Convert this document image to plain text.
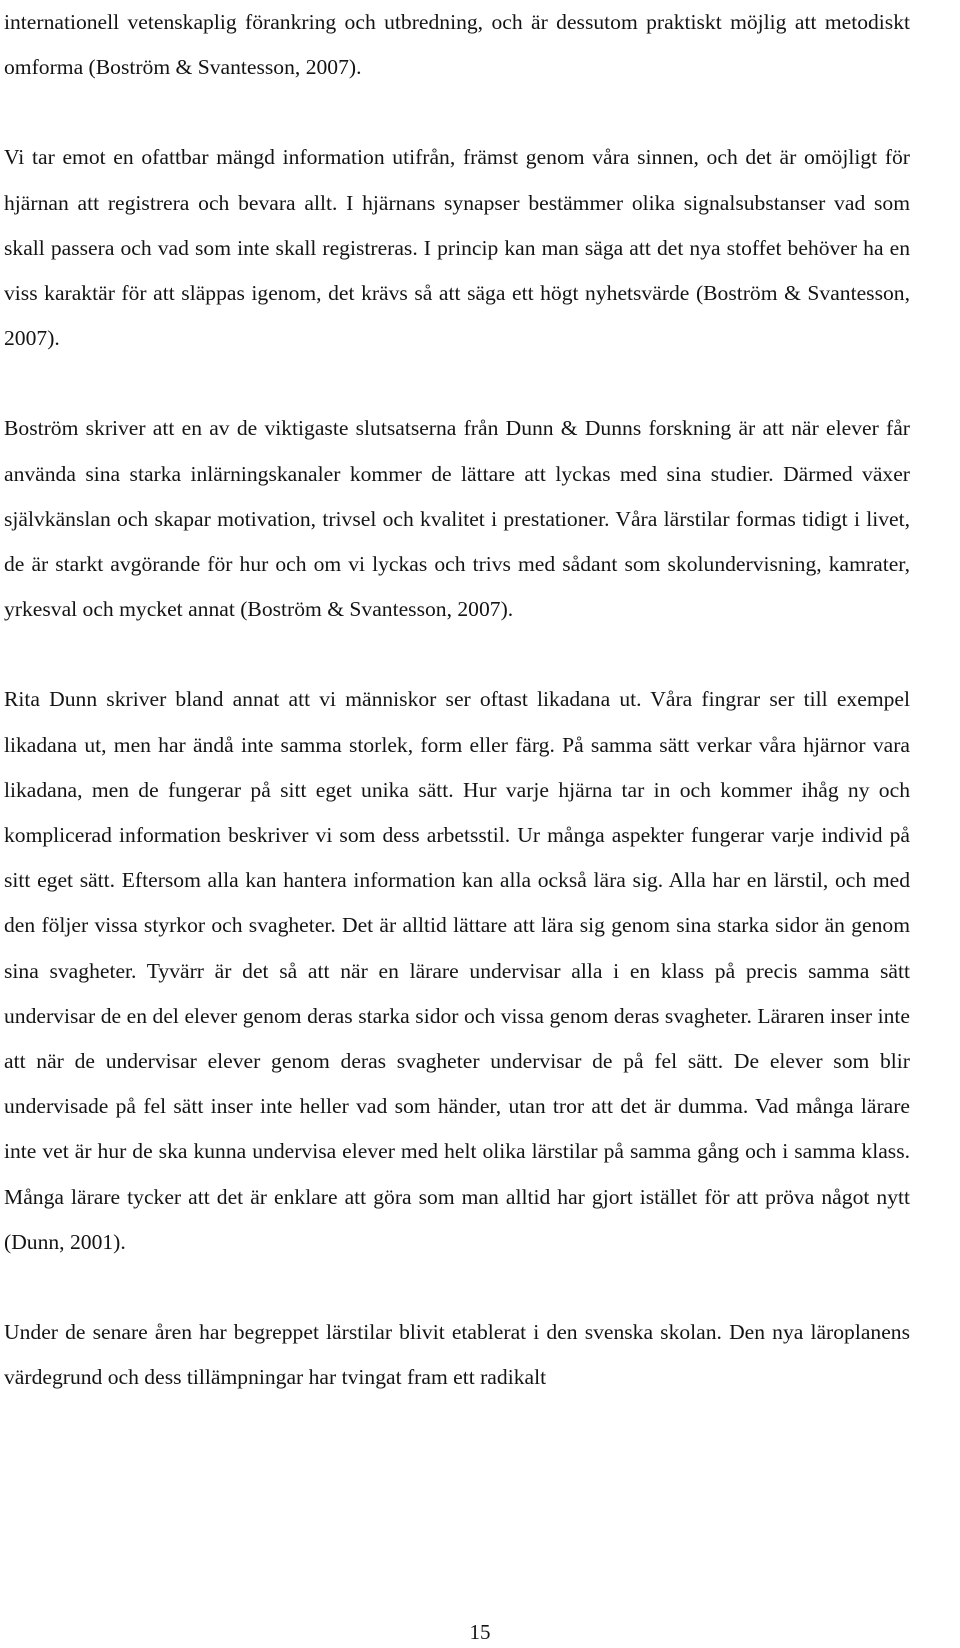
internationell vetenskaplig förankring och utbredning, och är dessutom praktiskt möjlig att metodiskt omforma (Boström & Svantesson, 2007).

Vi tar emot en ofattbar mängd information utifrån, främst genom våra sinnen, och det är omöjligt för hjärnan att registrera och bevara allt. I hjärnans synapser bestämmer olika signalsubstanser vad som skall passera och vad som inte skall registreras. I princip kan man säga att det nya stoffet behöver ha en viss karaktär för att släppas igenom, det krävs så att säga ett högt nyhetsvärde (Boström & Svantesson, 2007).

Boström skriver att en av de viktigaste slutsatserna från Dunn & Dunns forskning är att när elever får använda sina starka inlärningskanaler kommer de lättare att lyckas med sina studier. Därmed växer självkänslan och skapar motivation, trivsel och kvalitet i prestationer. Våra lärstilar formas tidigt i livet, de är starkt avgörande för hur och om vi lyckas och trivs med sådant som skolundervisning, kamrater, yrkesval och mycket annat (Boström & Svantesson, 2007).

Rita Dunn skriver bland annat att vi människor ser oftast likadana ut. Våra fingrar ser till exempel likadana ut, men har ändå inte samma storlek, form eller färg. På samma sätt verkar våra hjärnor vara likadana, men de fungerar på sitt eget unika sätt. Hur varje hjärna tar in och kommer ihåg ny och komplicerad information beskriver vi som dess arbetsstil. Ur många aspekter fungerar varje individ på sitt eget sätt. Eftersom alla kan hantera information kan alla också lära sig. Alla har en lärstil, och med den följer vissa styrkor och svagheter. Det är alltid lättare att lära sig genom sina starka sidor än genom sina svagheter. Tyvärr är det så att när en lärare undervisar alla i en klass på precis samma sätt undervisar de en del elever genom deras starka sidor och vissa genom deras svagheter. Läraren inser inte att när de undervisar elever genom deras svagheter undervisar de på fel sätt. De elever som blir undervisade på fel sätt inser inte heller vad som händer, utan tror att det är dumma. Vad många lärare inte vet är hur de ska kunna undervisa elever med helt olika lärstilar på samma gång och i samma klass. Många lärare tycker att det är enklare att göra som man alltid har gjort istället för att pröva något nytt (Dunn, 2001).

Under de senare åren har begreppet lärstilar blivit etablerat i den svenska skolan. Den nya läroplanens värdegrund och dess tillämpningar har tvingat fram ett radikalt

15
